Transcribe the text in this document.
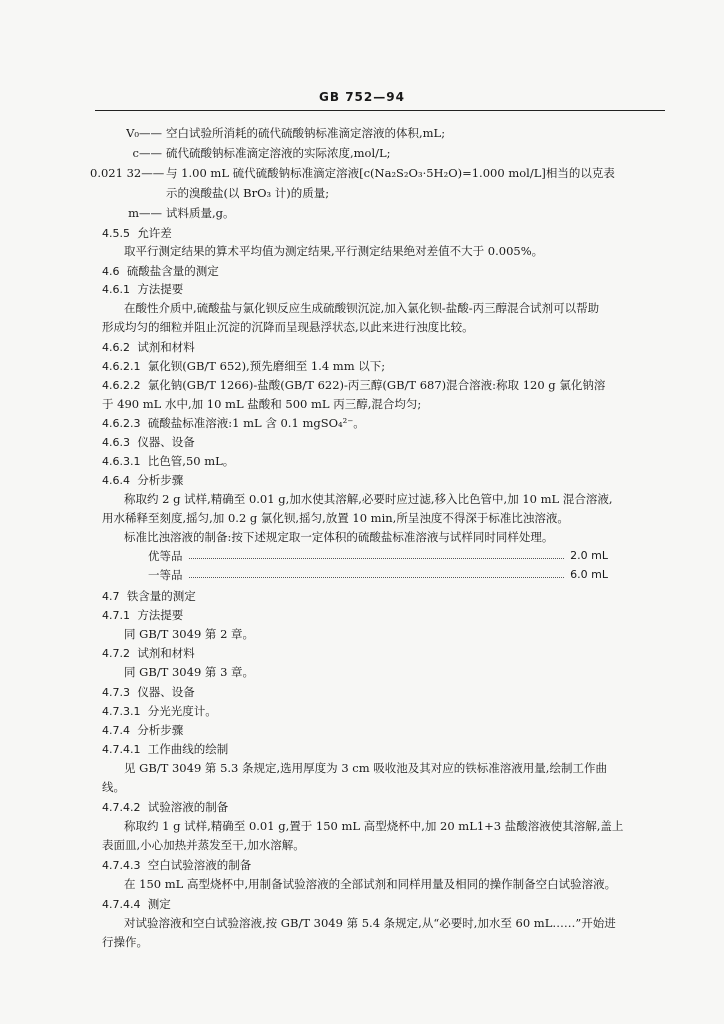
GB 752—94
V₀—— 空白试验所消耗的硫代硫酸钠标准滴定溶液的体积,mL;
c—— 硫代硫酸钠标准滴定溶液的实际浓度,mol/L;
0.021 32—— 与 1.00 mL 硫代硫酸钠标准滴定溶液[c(Na₂S₂O₃·5H₂O)=1.000 mol/L]相当的以克表
示的溴酸盐(以 BrO₃ 计)的质量;
m—— 试料质量,g。
4.5.5 允许差
取平行测定结果的算术平均值为测定结果,平行测定结果绝对差值不大于 0.005%。
4.6 硫酸盐含量的测定
4.6.1 方法提要
在酸性介质中,硫酸盐与氯化钡反应生成硫酸钡沉淀,加入氯化钡-盐酸-丙三醇混合试剂可以帮助
形成均匀的细粒并阻止沉淀的沉降而呈现悬浮状态,以此来进行浊度比较。
4.6.2 试剂和材料
4.6.2.1 氯化钡(GB/T 652),预先磨细至 1.4 mm 以下;
4.6.2.2 氯化钠(GB/T 1266)-盐酸(GB/T 622)-丙三醇(GB/T 687)混合溶液:称取 120 g 氯化钠溶
于 490 mL 水中,加 10 mL 盐酸和 500 mL 丙三醇,混合均匀;
4.6.2.3 硫酸盐标准溶液:1 mL 含 0.1 mgSO₄²⁻。
4.6.3 仪器、设备
4.6.3.1 比色管,50 mL。
4.6.4 分析步骤
称取约 2 g 试样,精确至 0.01 g,加水使其溶解,必要时应过滤,移入比色管中,加 10 mL 混合溶液,
用水稀释至刻度,摇匀,加 0.2 g 氯化钡,摇匀,放置 10 min,所呈浊度不得深于标准比浊溶液。
标准比浊溶液的制备:按下述规定取一定体积的硫酸盐标准溶液与试样同时同样处理。
优等品	2.0 mL
一等品	6.0 mL
4.7 铁含量的测定
4.7.1 方法提要
同 GB/T 3049 第 2 章。
4.7.2 试剂和材料
同 GB/T 3049 第 3 章。
4.7.3 仪器、设备
4.7.3.1 分光光度计。
4.7.4 分析步骤
4.7.4.1 工作曲线的绘制
见 GB/T 3049 第 5.3 条规定,选用厚度为 3 cm 吸收池及其对应的铁标准溶液用量,绘制工作曲
线。
4.7.4.2 试验溶液的制备
称取约 1 g 试样,精确至 0.01 g,置于 150 mL 高型烧杯中,加 20 mL1+3 盐酸溶液使其溶解,盖上
表面皿,小心加热并蒸发至干,加水溶解。
4.7.4.3 空白试验溶液的制备
在 150 mL 高型烧杯中,用制备试验溶液的全部试剂和同样用量及相同的操作制备空白试验溶液。
4.7.4.4 测定
对试验溶液和空白试验溶液,按 GB/T 3049 第 5.4 条规定,从“必要时,加水至 60 mL……”开始进
行操作。
